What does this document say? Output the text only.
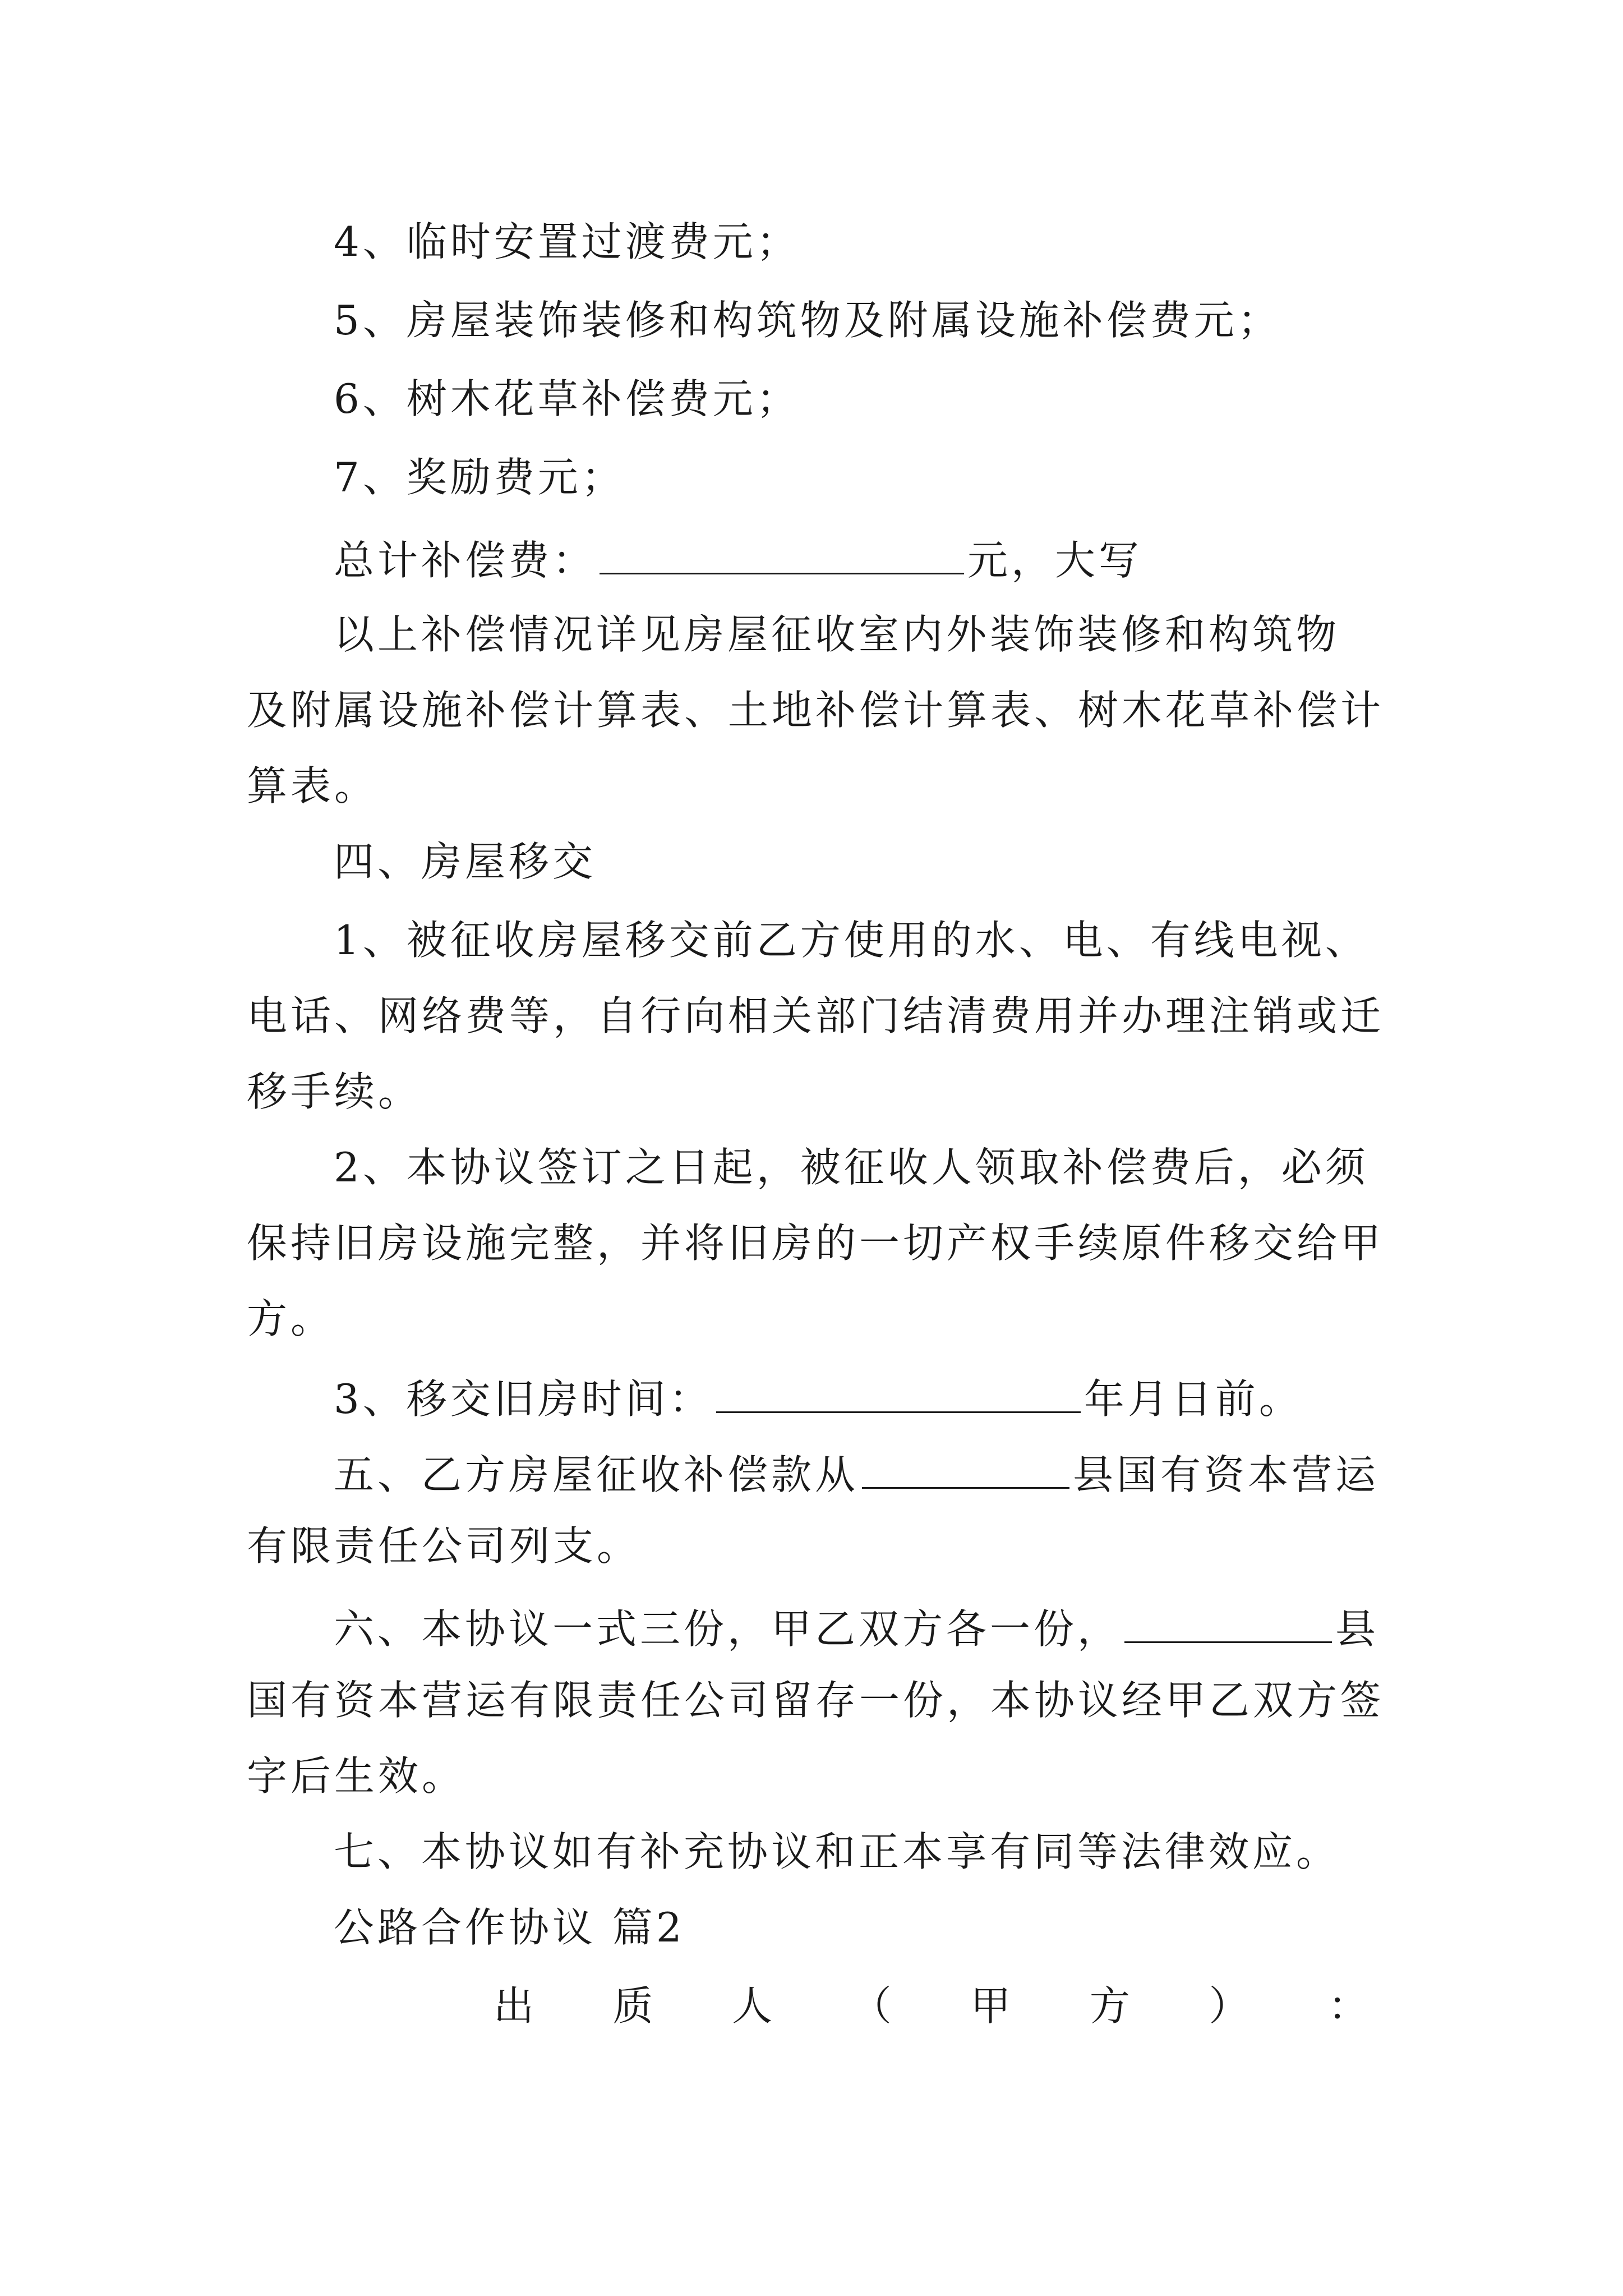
4、临时安置过渡费元；
5、房屋装饰装修和构筑物及附属设施补偿费元；
6、树木花草补偿费元；
7、奖励费元；
总计补偿费：	元，大写
以上补偿情况详见房屋征收室内外装饰装修和构筑物
及附属设施补偿计算表、土地补偿计算表、树木花草补偿计
算表。
四、房屋移交
1、被征收房屋移交前乙方使用的水、电、有线电视、
电话、网络费等，自行向相关部门结清费用并办理注销或迁
移手续。
2、本协议签订之日起，被征收人领取补偿费后，必须
保持旧房设施完整，并将旧房的一切产权手续原件移交给甲
方。
3、移交旧房时间：	年月日前。
五、乙方房屋征收补偿款从	县国有资本营运
有限责任公司列支。
六、本协议一式三份，甲乙双方各一份，	县
国有资本营运有限责任公司留存一份，本协议经甲乙双方签
字后生效。
七、本协议如有补充协议和正本享有同等法律效应。
公路合作协议 篇2
出 质 人 （ 甲 方 ） ：
